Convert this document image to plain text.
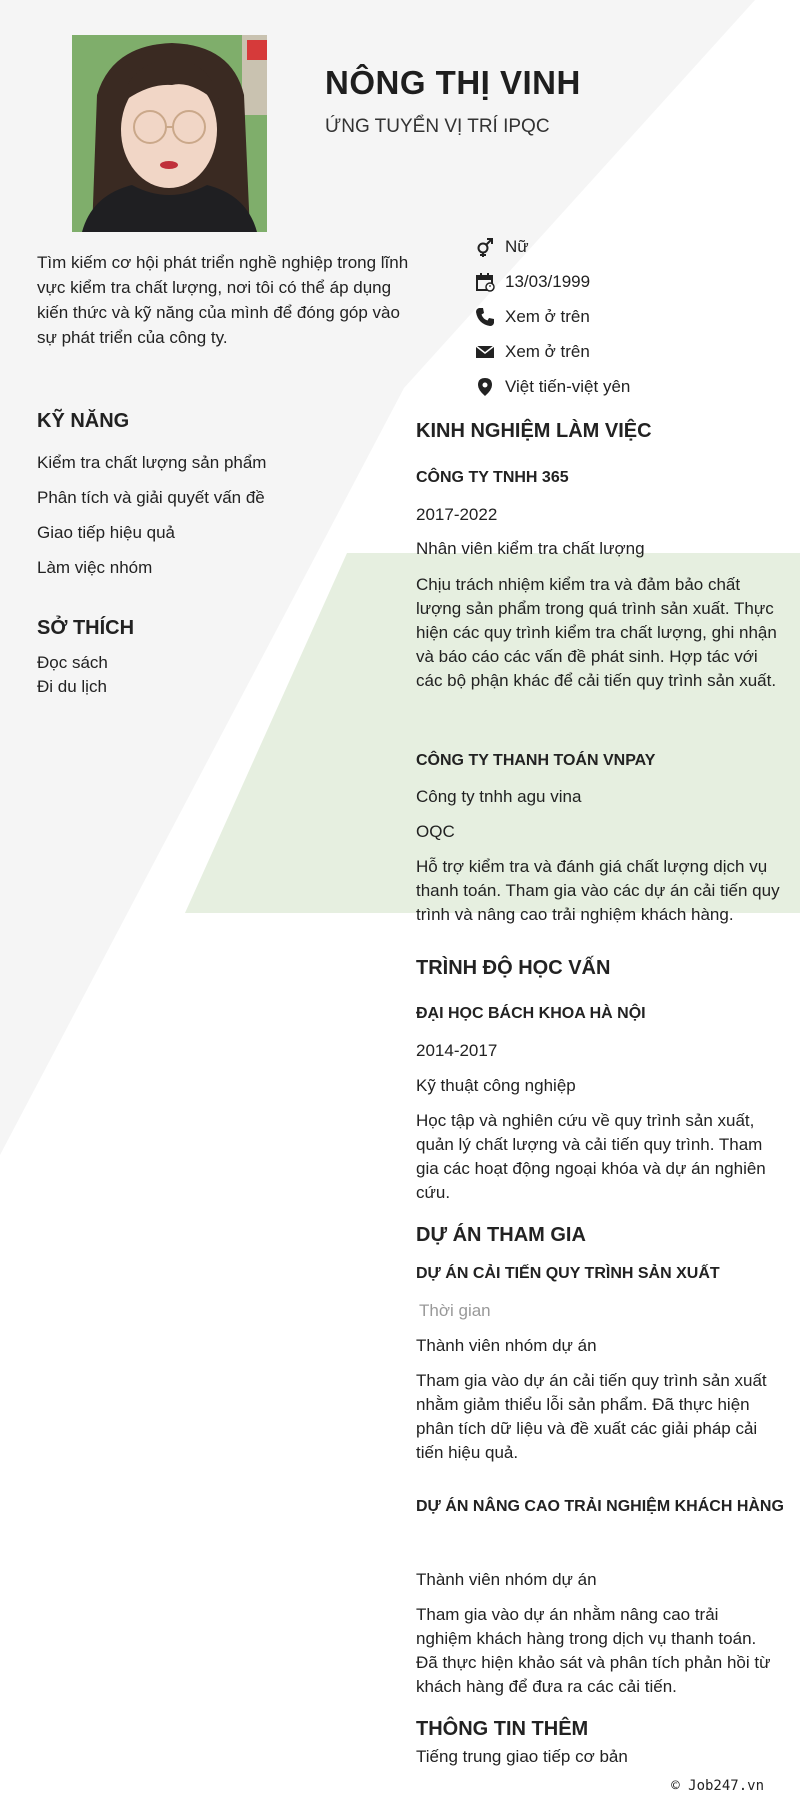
NÔNG THỊ VINH
ỨNG TUYỂN VỊ TRÍ IPQC
Tìm kiếm cơ hội phát triển nghề nghiệp trong lĩnh vực kiểm tra chất lượng, nơi tôi có thể áp dụng kiến thức và kỹ năng của mình để đóng góp vào sự phát triển của công ty.
Nữ
13/03/1999
Xem ở trên
Xem ở trên
Việt tiến-việt yên
KỸ NĂNG
Kiểm tra chất lượng sản phẩm
Phân tích và giải quyết vấn đề
Giao tiếp hiệu quả
Làm việc nhóm
SỞ THÍCH
Đọc sách
Đi du lịch
KINH NGHIỆM LÀM VIỆC
CÔNG TY TNHH 365
2017-2022
Nhân viên kiểm tra chất lượng
Chịu trách nhiệm kiểm tra và đảm bảo chất lượng sản phẩm trong quá trình sản xuất. Thực hiện các quy trình kiểm tra chất lượng, ghi nhận và báo cáo các vấn đề phát sinh. Hợp tác với các bộ phận khác để cải tiến quy trình sản xuất.
CÔNG TY THANH TOÁN VNPAY
Công ty tnhh agu vina
OQC
Hỗ trợ kiểm tra và đánh giá chất lượng dịch vụ thanh toán. Tham gia vào các dự án cải tiến quy trình và nâng cao trải nghiệm khách hàng.
TRÌNH ĐỘ HỌC VẤN
ĐẠI HỌC BÁCH KHOA HÀ NỘI
2014-2017
Kỹ thuật công nghiệp
Học tập và nghiên cứu về quy trình sản xuất, quản lý chất lượng và cải tiến quy trình. Tham gia các hoạt động ngoại khóa và dự án nghiên cứu.
DỰ ÁN THAM GIA
DỰ ÁN CẢI TIẾN QUY TRÌNH SẢN XUẤT
Thời gian
Thành viên nhóm dự án
Tham gia vào dự án cải tiến quy trình sản xuất nhằm giảm thiểu lỗi sản phẩm. Đã thực hiện phân tích dữ liệu và đề xuất các giải pháp cải tiến hiệu quả.
DỰ ÁN NÂNG CAO TRẢI NGHIỆM KHÁCH HÀNG
Thành viên nhóm dự án
Tham gia vào dự án nhằm nâng cao trải nghiệm khách hàng trong dịch vụ thanh toán. Đã thực hiện khảo sát và phân tích phản hồi từ khách hàng để đưa ra các cải tiến.
THÔNG TIN THÊM
Tiếng trung giao tiếp cơ bản
© Job247.vn
